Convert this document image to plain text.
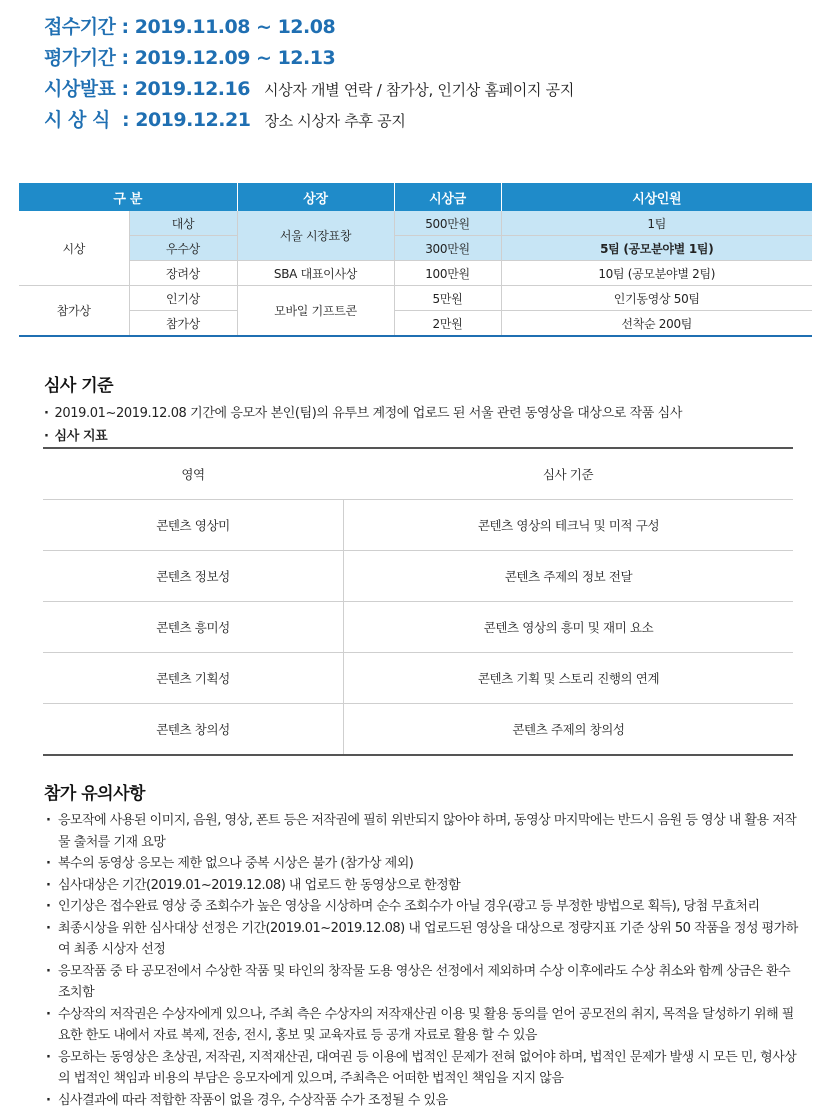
접수기간 : 2019.11.08 ~ 12.08
평가기간 : 2019.12.09 ~ 12.13
시상발표 : 2019.12.16 시상자 개별 연락 / 참가상, 인기상 홈페이지 공지
시 상 식  : 2019.12.21 장소 시상자 추후 공지
구 분		상장	시상금	시상인원
시상	대상	서울 시장표창	500만원	1팀
	우수상		300만원	5팀 (공모분야별 1팀)
	장려상	SBA 대표이사상	100만원	10팀 (공모분야별 2팀)
참가상	인기상	모바일 기프트콘	5만원	인기동영상 50팀
	참가상		2만원	선착순 200팀
심사 기준
· 2019.01~2019.12.08 기간에 응모자 본인(팀)의 유투브 계정에 업로드 된 서울 관련 동영상을 대상으로 작품 심사
· 심사 지표
영역	심사 기준
콘텐츠 영상미	콘텐츠 영상의 테크닉 및 미적 구성
콘텐츠 정보성	콘텐츠 주제의 정보 전달
콘텐츠 흥미성	콘텐츠 영상의 흥미 및 재미 요소
콘텐츠 기획성	콘텐츠 기획 및 스토리 진행의 연계
콘텐츠 창의성	콘텐츠 주제의 창의성
참가 유의사항
· 응모작에 사용된 이미지, 음원, 영상, 폰트 등은 저작권에 필히 위반되지 않아야 하며, 동영상 마지막에는 반드시 음원 등 영상 내 활용 저작물 출처를 기재 요망
· 복수의 동영상 응모는 제한 없으나 중복 시상은 불가 (참가상 제외)
· 심사대상은 기간(2019.01~2019.12.08) 내 업로드 한 동영상으로 한정함
· 인기상은 접수완료 영상 중 조회수가 높은 영상을 시상하며 순수 조회수가 아닐 경우(광고 등 부정한 방법으로 획득), 당첨 무효처리
· 최종시상을 위한 심사대상 선정은 기간(2019.01~2019.12.08) 내 업로드된 영상을 대상으로 정량지표 기준 상위 50 작품을 정성 평가하여 최종 시상자 선정
· 응모작품 중 타 공모전에서 수상한 작품 및 타인의 창작물 도용 영상은 선정에서 제외하며 수상 이후에라도 수상 취소와 함께 상금은 환수 조치함
· 수상작의 저작권은 수상자에게 있으나, 주최 측은 수상자의 저작재산권 이용 및 활용 동의를 얻어 공모전의 취지, 목적을 달성하기 위해 필요한 한도 내에서 자료 복제, 전송, 전시, 홍보 및 교육자료 등 공개 자료로 활용 할 수 있음
· 응모하는 동영상은 초상권, 저작권, 지적재산권, 대여권 등 이용에 법적인 문제가 전혀 없어야 하며, 법적인 문제가 발생 시 모든 민, 형사상의 법적인 책임과 비용의 부담은 응모자에게 있으며, 주최측은 어떠한 법적인 책임을 지지 않음
· 심사결과에 따라 적합한 작품이 없을 경우, 수상작품 수가 조정될 수 있음
